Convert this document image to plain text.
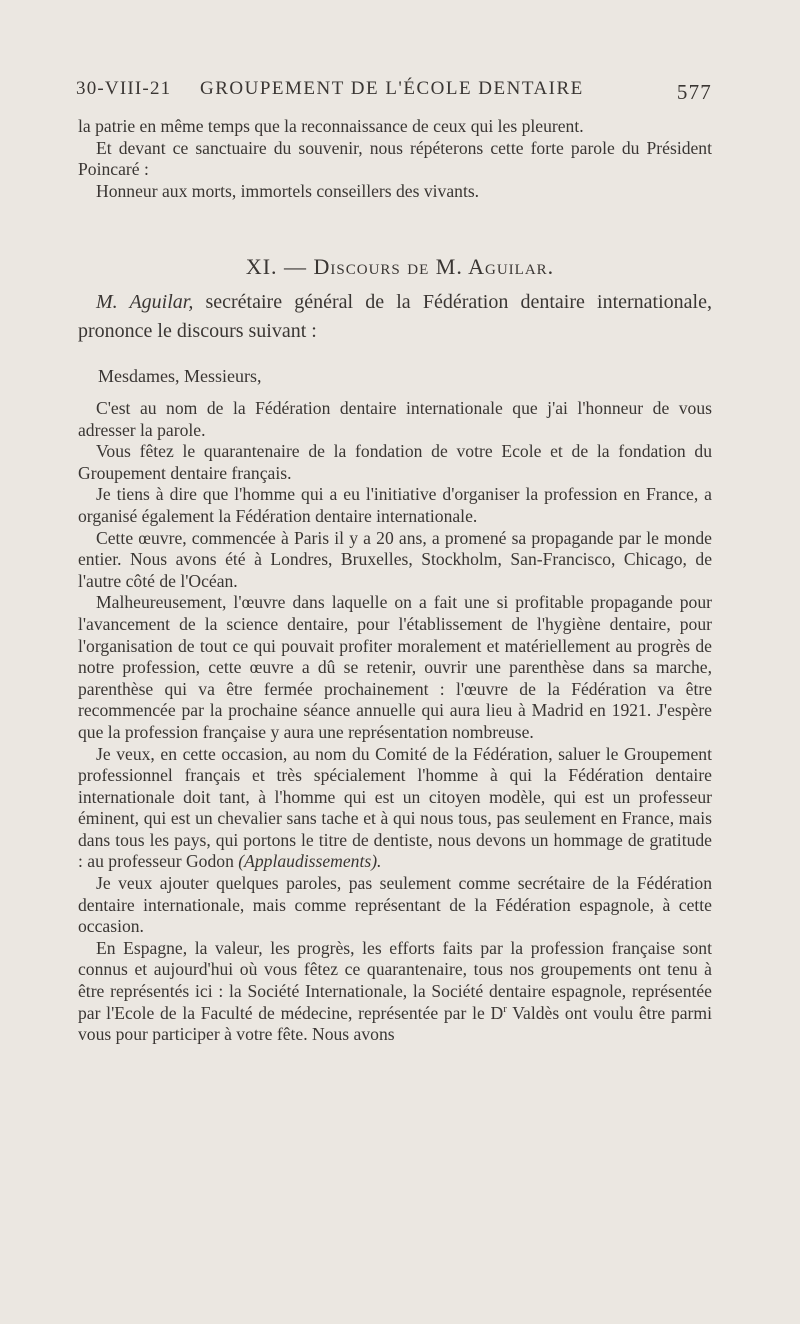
30-VIII-21 GROUPEMENT DE L'ÉCOLE DENTAIRE	577

la patrie en même temps que la reconnaissance de ceux qui les pleurent.

Et devant ce sanctuaire du souvenir, nous répéterons cette forte parole du Président Poincaré :

Honneur aux morts, immortels conseillers des vivants.

XI. — Discours de M. Aguilar.

M. Aguilar, secrétaire général de la Fédération dentaire internationale, prononce le discours suivant :

Mesdames, Messieurs,

C'est au nom de la Fédération dentaire internationale que j'ai l'honneur de vous adresser la parole.

Vous fêtez le quarantenaire de la fondation de votre Ecole et de la fondation du Groupement dentaire français.

Je tiens à dire que l'homme qui a eu l'initiative d'organiser la profession en France, a organisé également la Fédération dentaire internationale.

Cette œuvre, commencée à Paris il y a 20 ans, a promené sa propagande par le monde entier. Nous avons été à Londres, Bruxelles, Stockholm, San-Francisco, Chicago, de l'autre côté de l'Océan.

Malheureusement, l'œuvre dans laquelle on a fait une si profitable propagande pour l'avancement de la science dentaire, pour l'établissement de l'hygiène dentaire, pour l'organisation de tout ce qui pouvait profiter moralement et matériellement au progrès de notre profession, cette œuvre a dû se retenir, ouvrir une parenthèse dans sa marche, parenthèse qui va être fermée prochainement : l'œuvre de la Fédération va être recommencée par la prochaine séance annuelle qui aura lieu à Madrid en 1921. J'espère que la profession française y aura une représentation nombreuse.

Je veux, en cette occasion, au nom du Comité de la Fédération, saluer le Groupement professionnel français et très spécialement l'homme à qui la Fédération dentaire internationale doit tant, à l'homme qui est un citoyen modèle, qui est un professeur éminent, qui est un chevalier sans tache et à qui nous tous, pas seulement en France, mais dans tous les pays, qui portons le titre de dentiste, nous devons un hommage de gratitude : au professeur Godon (Applaudissements).

Je veux ajouter quelques paroles, pas seulement comme secrétaire de la Fédération dentaire internationale, mais comme représentant de la Fédération espagnole, à cette occasion.

En Espagne, la valeur, les progrès, les efforts faits par la profession française sont connus et aujourd'hui où vous fêtez ce quarantenaire, tous nos groupements ont tenu à être représentés ici : la Société Internationale, la Société dentaire espagnole, représentée par l'Ecole de la Faculté de médecine, représentée par le $D^r$ Valdès ont voulu être parmi vous pour participer à votre fête. Nous avons
